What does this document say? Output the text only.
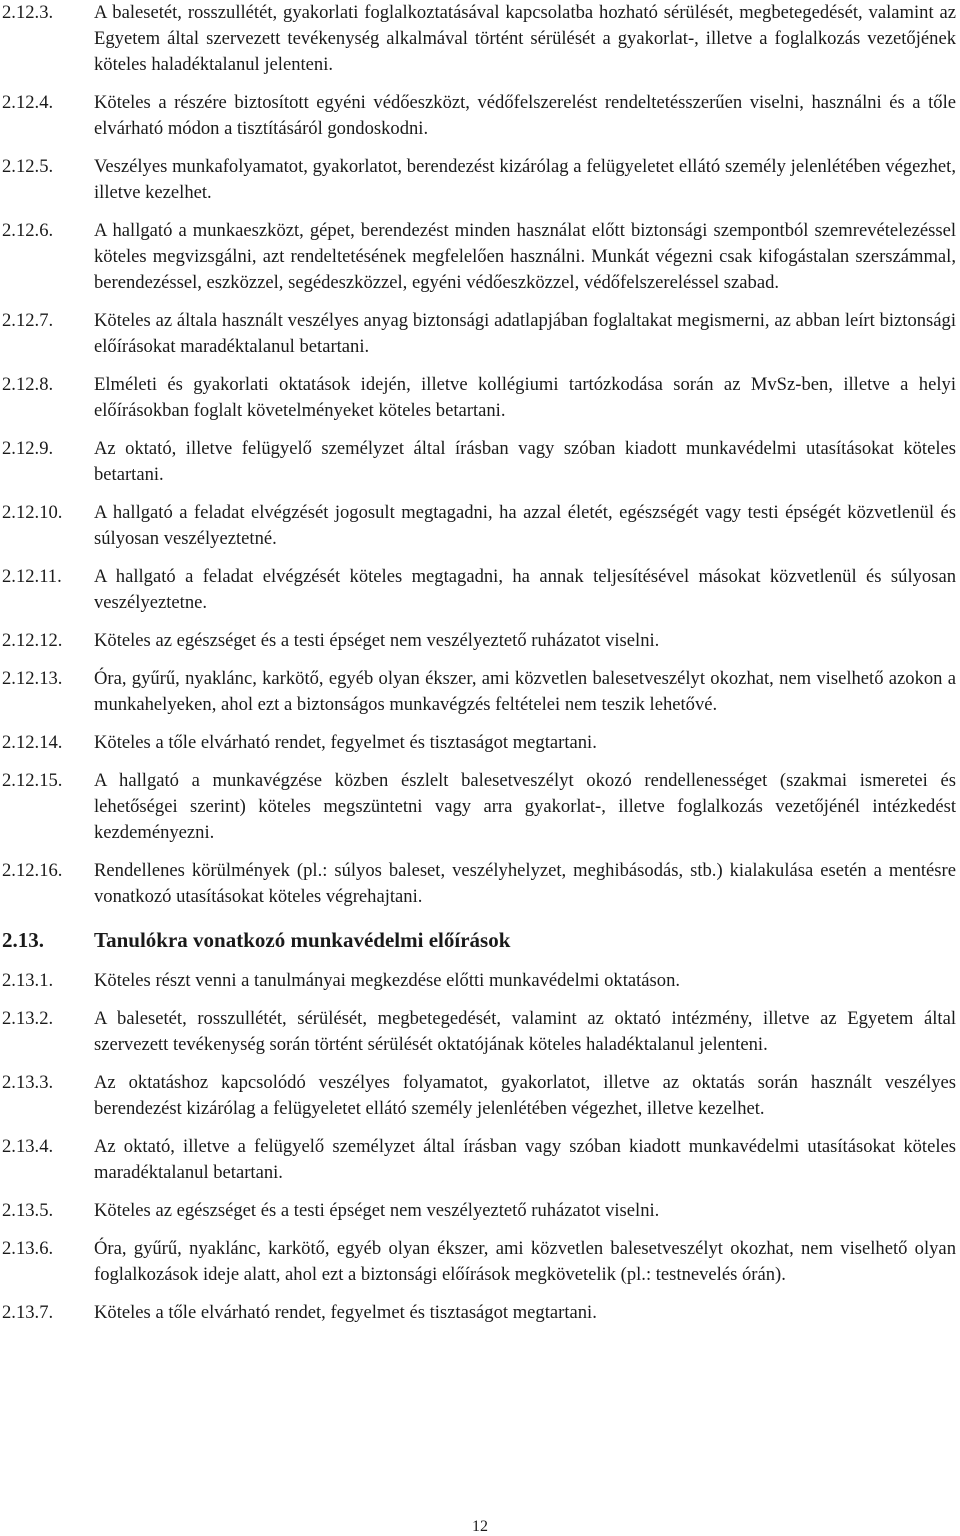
2.12.3.	A balesetét, rosszullétét, gyakorlati foglalkoztatásával kapcsolatba hozható sérülését, megbetegedését, valamint az Egyetem által szervezett tevékenység alkalmával történt sérülését a gyakorlat-, illetve a foglalkozás vezetőjének köteles haladéktalanul jelenteni.
2.12.4.	Köteles a részére biztosított egyéni védőeszközt, védőfelszerelést rendeltetésszerűen viselni, használni és a tőle elvárható módon a tisztításáról gondoskodni.
2.12.5.	Veszélyes munkafolyamatot, gyakorlatot, berendezést kizárólag a felügyeletet ellátó személy jelenlétében végezhet, illetve kezelhet.
2.12.6.	A hallgató a munkaeszközt, gépet, berendezést minden használat előtt biztonsági szempontból szemrevételezéssel köteles megvizsgálni, azt rendeltetésének megfelelően használni. Munkát végezni csak kifogástalan szerszámmal, berendezéssel, eszközzel, segédeszközzel, egyéni védőeszközzel, védőfelszereléssel szabad.
2.12.7.	Köteles az általa használt veszélyes anyag biztonsági adatlapjában foglaltakat megismerni, az abban leírt biztonsági előírásokat maradéktalanul betartani.
2.12.8.	Elméleti és gyakorlati oktatások idején, illetve kollégiumi tartózkodása során az MvSz-ben, illetve a helyi előírásokban foglalt követelményeket köteles betartani.
2.12.9.	Az oktató, illetve felügyelő személyzet által írásban vagy szóban kiadott munkavédelmi utasításokat köteles betartani.
2.12.10.	A hallgató a feladat elvégzését jogosult megtagadni, ha azzal életét, egészségét vagy testi épségét közvetlenül és súlyosan veszélyeztetné.
2.12.11.	A hallgató a feladat elvégzését köteles megtagadni, ha annak teljesítésével másokat közvetlenül és súlyosan veszélyeztetne.
2.12.12.	Köteles az egészséget és a testi épséget nem veszélyeztető ruházatot viselni.
2.12.13.	Óra, gyűrű, nyaklánc, karkötő, egyéb olyan ékszer, ami közvetlen balesetveszélyt okozhat, nem viselhető azokon a munkahelyeken, ahol ezt a biztonságos munkavégzés feltételei nem teszik lehetővé.
2.12.14.	Köteles a tőle elvárható rendet, fegyelmet és tisztaságot megtartani.
2.12.15.	A hallgató a munkavégzése közben észlelt balesetveszélyt okozó rendellenességet (szakmai ismeretei és lehetőségei szerint) köteles megszüntetni vagy arra gyakorlat-, illetve foglalkozás vezetőjénél intézkedést kezdeményezni.
2.12.16.	Rendellenes körülmények (pl.: súlyos baleset, veszélyhelyzet, meghibásodás, stb.) kialakulása esetén a mentésre vonatkozó utasításokat köteles végrehajtani.
2.13.	Tanulókra vonatkozó munkavédelmi előírások
2.13.1.	Köteles részt venni a tanulmányai megkezdése előtti munkavédelmi oktatáson.
2.13.2.	A balesetét, rosszullétét, sérülését, megbetegedését, valamint az oktató intézmény, illetve az Egyetem által szervezett tevékenység során történt sérülését oktatójának köteles haladéktalanul jelenteni.
2.13.3.	Az oktatáshoz kapcsolódó veszélyes folyamatot, gyakorlatot, illetve az oktatás során használt veszélyes berendezést kizárólag a felügyeletet ellátó személy jelenlétében végezhet, illetve kezelhet.
2.13.4.	Az oktató, illetve a felügyelő személyzet által írásban vagy szóban kiadott munkavédelmi utasításokat köteles maradéktalanul betartani.
2.13.5.	Köteles az egészséget és a testi épséget nem veszélyeztető ruházatot viselni.
2.13.6.	Óra, gyűrű, nyaklánc, karkötő, egyéb olyan ékszer, ami közvetlen balesetveszélyt okozhat, nem viselhető olyan foglalkozások ideje alatt, ahol ezt a biztonsági előírások megkövetelik (pl.: testnevelés órán).
2.13.7.	Köteles a tőle elvárható rendet, fegyelmet és tisztaságot megtartani.
12
